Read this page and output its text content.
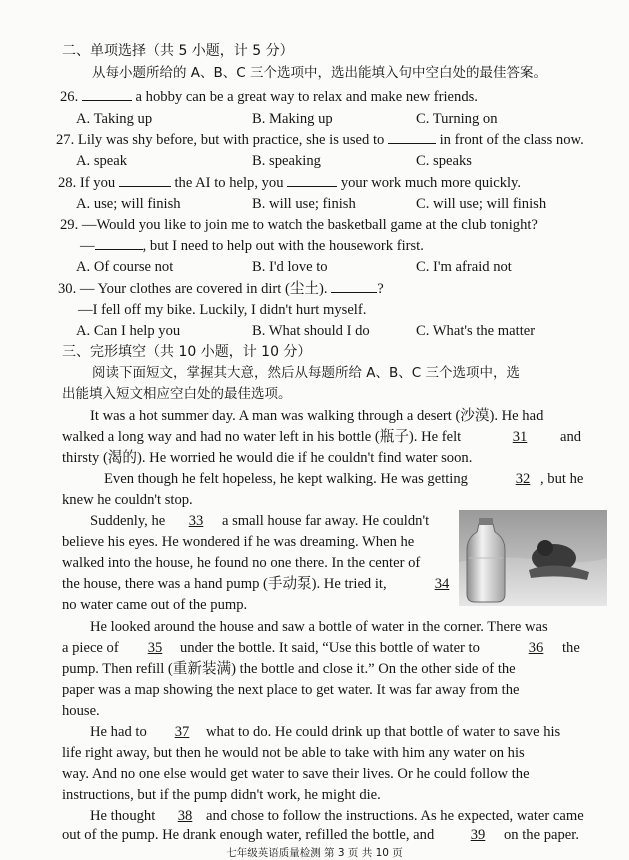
二、单项选择（共 5 小题，计 5 分）
从每小题所给的 A、B、C 三个选项中，选出能填入句中空白处的最佳答案。
26.	a hobby can be a great way to relax and make new friends.
A. Taking up	B. Making up	C. Turning on
27. Lily was shy before, but with practice, she is used to	in front of the class now.
A. speak	B. speaking	C. speaks
28. If you	the AI to help, you	your work much more quickly.
A. use; will finish	B. will use; finish	C. will use; will finish
29. —Would you like to join me to watch the basketball game at the club tonight?
—	, but I need to help out with the housework first.
A. Of course not	B. I'd love to	C. I'm afraid not
30. — Your clothes are covered in dirt (尘土).	?
—I fell off my bike. Luckily, I didn't hurt myself.
A. Can I help you	B. What should I do	C. What's the matter
三、完形填空（共 10 小题，计 10 分）
阅读下面短文，掌握其大意，然后从每题所给 A、B、C 三个选项中，选
出能填入短文相应空白处的最佳选项。
It was a hot summer day. A man was walking through a desert (沙漠). He had
walked a long way and had no water left in his bottle (瓶子). He felt	31	and
thirsty (渴的). He worried he would die if he couldn't find water soon.
Even though he felt hopeless, he kept walking. He was getting	32 , but he
knew he couldn't stop.
Suddenly, he	33	a small house far away. He couldn't
believe his eyes. He wondered if he was dreaming. When he
walked into the house, he found no one there. In the center of
the house, there was a hand pump (手动泵). He tried it,	34
no water came out of the pump.
He looked around the house and saw a bottle of water in the corner. There was
a piece of	35	under the bottle. It said, “Use this bottle of water to	36	the
pump. Then refill (重新装满) the bottle and close it.” On the other side of the
paper was a map showing the next place to get water. It was far away from the
house.
He had to	37	what to do. He could drink up that bottle of water to save his
life right away, but then he would not be able to take with him any water on his
way. And no one else would get water to save their lives. Or he could follow the
instructions, but if the pump didn't work, he might die.
He thought	38 and chose to follow the instructions. As he expected, water came
out of the pump. He drank enough water, refilled the bottle, and	39	on the paper.
七年级英语质量检测 第 3 页 共 10 页
